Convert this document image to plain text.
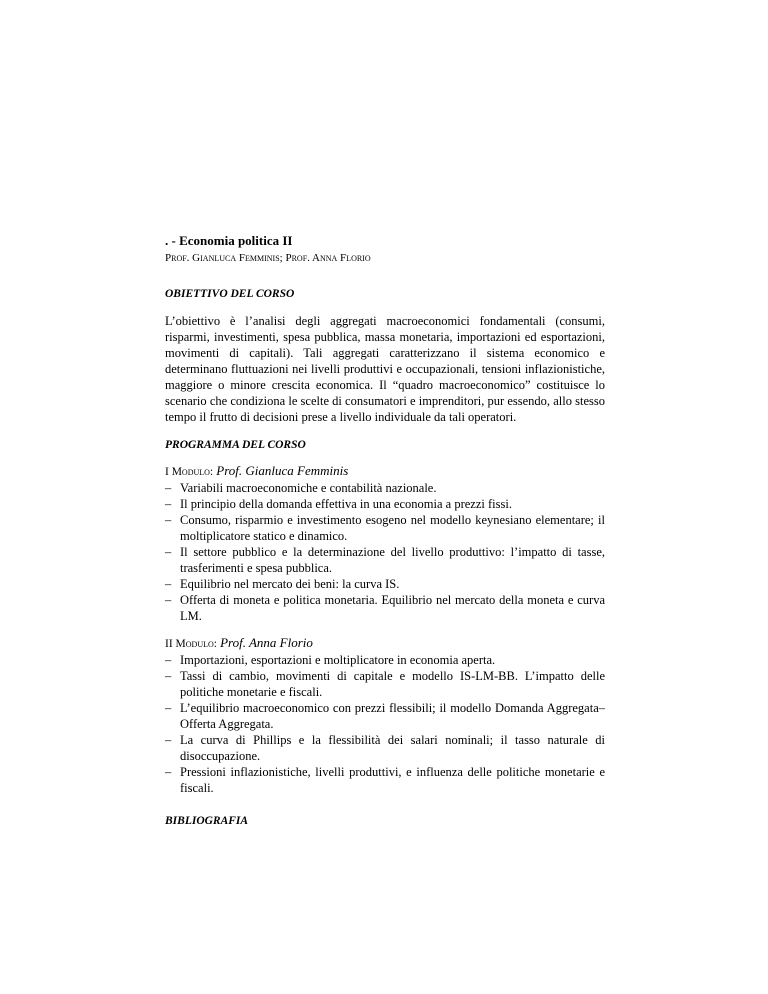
. - Economia politica II

Prof. Gianluca Femminis; Prof. Anna Florio

OBIETTIVO DEL CORSO

L’obiettivo è l’analisi degli aggregati macroeconomici fondamentali (consumi, risparmi, investimenti, spesa pubblica, massa monetaria, importazioni ed esportazioni, movimenti di capitali). Tali aggregati caratterizzano il sistema economico e determinano fluttuazioni nei livelli produttivi e occupazionali, tensioni inflazionistiche, maggiore o minore crescita economica. Il “quadro macroeconomico” costituisce lo scenario che condiziona le scelte di consumatori e imprenditori, pur essendo, allo stesso tempo il frutto di decisioni prese a livello individuale da tali operatori.

PROGRAMMA DEL CORSO

I Modulo: Prof. Gianluca Femminis

– Variabili macroeconomiche e contabilità nazionale.
– Il principio della domanda effettiva in una economia a prezzi fissi.
– Consumo, risparmio e investimento esogeno nel modello keynesiano elementare; il moltiplicatore statico e dinamico.
– Il settore pubblico e la determinazione del livello produttivo: l’impatto di tasse, trasferimenti e spesa pubblica.
– Equilibrio nel mercato dei beni: la curva IS.
– Offerta di moneta e politica monetaria. Equilibrio nel mercato della moneta e curva LM.

II Modulo: Prof. Anna Florio

– Importazioni, esportazioni e moltiplicatore in economia aperta.
– Tassi di cambio, movimenti di capitale e modello IS-LM-BB. L’impatto delle politiche monetarie e fiscali.
– L’equilibrio macroeconomico con prezzi flessibili; il modello Domanda Aggregata–Offerta Aggregata.
– La curva di Phillips e la flessibilità dei salari nominali; il tasso naturale di disoccupazione.
– Pressioni inflazionistiche, livelli produttivi, e influenza delle politiche monetarie e fiscali.

BIBLIOGRAFIA
